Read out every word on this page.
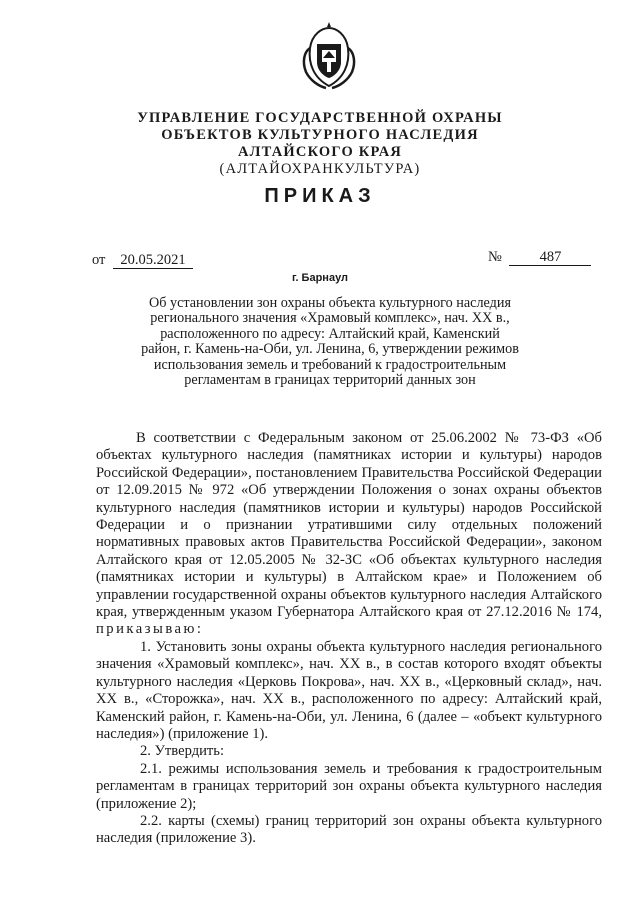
УПРАВЛЕНИЕ ГОСУДАРСТВЕННОЙ ОХРАНЫ
ОБЪЕКТОВ КУЛЬТУРНОГО НАСЛЕДИЯ
АЛТАЙСКОГО КРАЯ
(АЛТАЙОХРАНКУЛЬТУРА)
ПРИКАЗ
от 20.05.2021	№	487
г. Барнаул
Об установлении зон охраны объекта культурного наследия
регионального значения «Храмовый комплекс», нач. XX в.,
расположенного по адресу: Алтайский край, Каменский
район, г. Камень-на-Оби, ул. Ленина, 6, утверждении режимов
использования земель и требований к градостроительным
регламентам в границах территорий данных зон

В соответствии с Федеральным законом от 25.06.2002 № 73-ФЗ «Об объектах культурного наследия (памятниках истории и культуры) народов Российской Федерации», постановлением Правительства Российской Федерации от 12.09.2015 № 972 «Об утверждении Положения о зонах охраны объектов культурного наследия (памятников истории и культуры) народов Российской Федерации и о признании утратившими силу отдельных положений нормативных правовых актов Правительства Российской Федерации», законом Алтайского края от 12.05.2005 № 32-ЗС «Об объектах культурного наследия (памятниках истории и культуры) в Алтайском крае» и Положением об управлении государственной охраны объектов культурного наследия Алтайского края, утвержденным указом Губернатора Алтайского края от 27.12.2016 № 174, приказываю:

1. Установить зоны охраны объекта культурного наследия регионального значения «Храмовый комплекс», нач. XX в., в состав которого входят объекты культурного наследия «Церковь Покрова», нач. XX в., «Церковный склад», нач. XX в., «Сторожка», нач. XX в., расположенного по адресу: Алтайский край, Каменский район, г. Камень-на-Оби, ул. Ленина, 6 (далее – «объект культурного наследия») (приложение 1).

2. Утвердить:

2.1. режимы использования земель и требования к градостроительным регламентам в границах территорий зон охраны объекта культурного наследия (приложение 2);

2.2. карты (схемы) границ территорий зон охраны объекта культурного наследия (приложение 3).
